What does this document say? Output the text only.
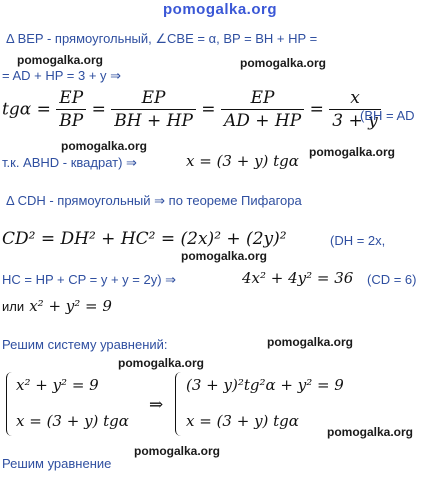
pomogalka.org
Δ BEP - прямоугольный, ∠CBE = α, BP = BH + HP =
pomogalka.org	pomogalka.org
= AD + HP = 3 + y ⇒
$tg\alpha = \frac{EP}{BP} = \frac{EP}{BH + HP} = \frac{EP}{AD + HP} = \frac{x}{3 + y}$
(BH = AD
pomogalka.org
т.к. ABHD - квадрат) ⇒	x = (3 + y) tgα pomogalka.org
Δ CDH - прямоугольный ⇒ по теореме Пифагора
CD² = DH² + HC² = (2x)² + (2y)²	(DH = 2x,
pomogalka.org
HC = HP + CP = y + y = 2y) ⇒	4x² + 4y² = 36 (CD = 6)
или x² + y² = 9
pomogalka.org
Решим систему уравнений:
pomogalka.org
x² + y² = 9
x = (3 + y) tgα
⇒
(3 + y)²tg²α + y² = 9
x = (3 + y) tgα
pomogalka.org
pomogalka.org
Решим уравнение
